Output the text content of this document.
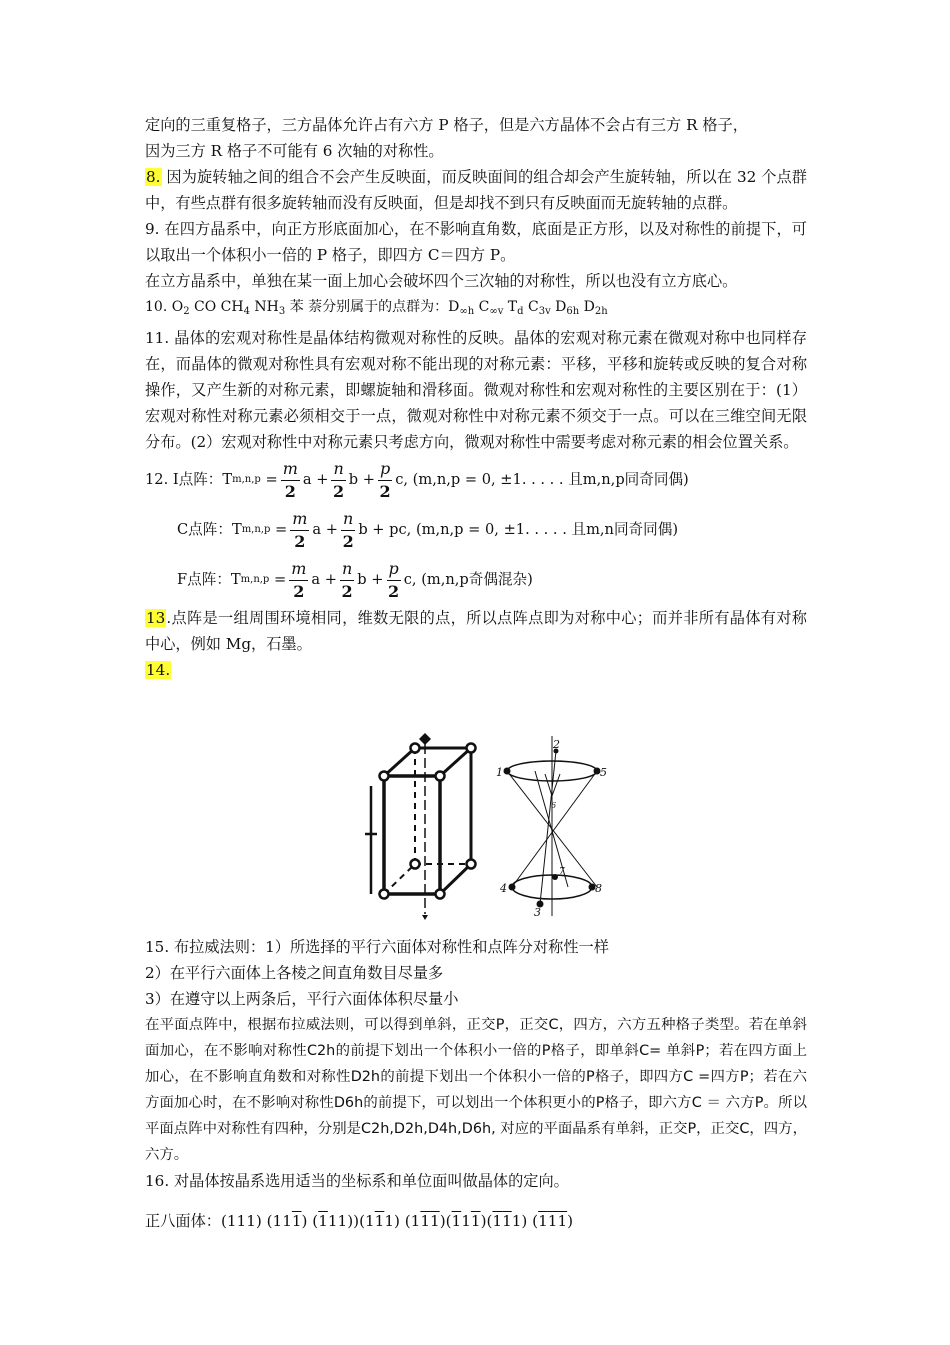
定向的三重复格子，三方晶体允许占有六方 P 格子，但是六方晶体不会占有三方 R 格子，
因为三方 R 格子不可能有 6 次轴的对称性。

8. 因为旋转轴之间的组合不会产生反映面，而反映面间的组合却会产生旋转轴，所以在 32 个点群中，有些点群有很多旋转轴而没有反映面，但是却找不到只有反映面而无旋转轴的点群。

9. 在四方晶系中，向正方形底面加心，在不影响直角数，底面是正方形，以及对称性的前提下，可以取出一个体积小一倍的 P 格子，即四方 C＝四方 P。

在立方晶系中，单独在某一面上加心会破坏四个三次轴的对称性，所以也没有立方底心。

10. $O_2$ CO $CH_4$ $NH_3$ 苯 萘分别属于的点群为：$D_{\infty h}$ $C_{\infty v}$ $T_d$ $C_{3v}$ $D_{6h}$ $D_{2h}$

11. 晶体的宏观对称性是晶体结构微观对称性的反映。晶体的宏观对称元素在微观对称中也同样存在，而晶体的微观对称性具有宏观对称不能出现的对称元素：平移，平移和旋转或反映的复合对称操作，又产生新的对称元素，即螺旋轴和滑移面。微观对称性和宏观对称性的主要区别在于：(1）宏观对称性对称元素必须相交于一点，微观对称性中对称元素不须交于一点。可以在三维空间无限分布。(2）宏观对称性中对称元素只考虑方向，微观对称性中需要考虑对称元素的相会位置关系。

12. I点阵：T $m,n,p = \frac{m}{2}$ $a + \frac{n}{2}$ $b + \frac{p}{2} c$, (m,n,p = 0, ±1. . . . . 且m,n,p同奇同偶)
C点阵：T $m,n,p = \frac{m}{2}$ $a + \frac{n}{2}$ b + pc, (m,n,p = 0, ±1. . . . . 且m,n同奇同偶)
F点阵：T $m,n,p = \frac{m}{2}$ $a + \frac{n}{2}$ $b + \frac{p}{2} c$, (m,n,p奇偶混杂)

13.点阵是一组周围环境相同，维数无限的点，所以点阵点即为对称中心；而并非所有晶体有对称中心，例如 Mg，石墨。

14.

1
2
5
6
7
4	8
3

15. 布拉威法则：1）所选择的平行六面体对称性和点阵分对称性一样

2）在平行六面体上各棱之间直角数目尽量多

3）在遵守以上两条后，平行六面体体积尽量小

在平面点阵中，根据布拉威法则，可以得到单斜，正交P，正交C，四方，六方五种格子类型。若在单斜面加心，在不影响对称性C2h的前提下划出一个体积小一倍的P格子，即单斜C= 单斜P；若在四方面上加心，在不影响直角数和对称性D2h的前提下划出一个体积小一倍的P格子，即四方C =四方P；若在六方面加心时，在不影响对称性D6h的前提下，可以划出一个体积更小的P格子，即六方C ＝ 六方P。所以平面点阵中对称性有四种，分别是C2h,D2h,D4h,D6h, 对应的平面晶系有单斜，正交P，正交C，四方，六方。

16. 对晶体按晶系选用适当的坐标系和单位面叫做晶体的定向。

正八面体：(111) (111) (111))(111) (111)(111)(111) (111)
